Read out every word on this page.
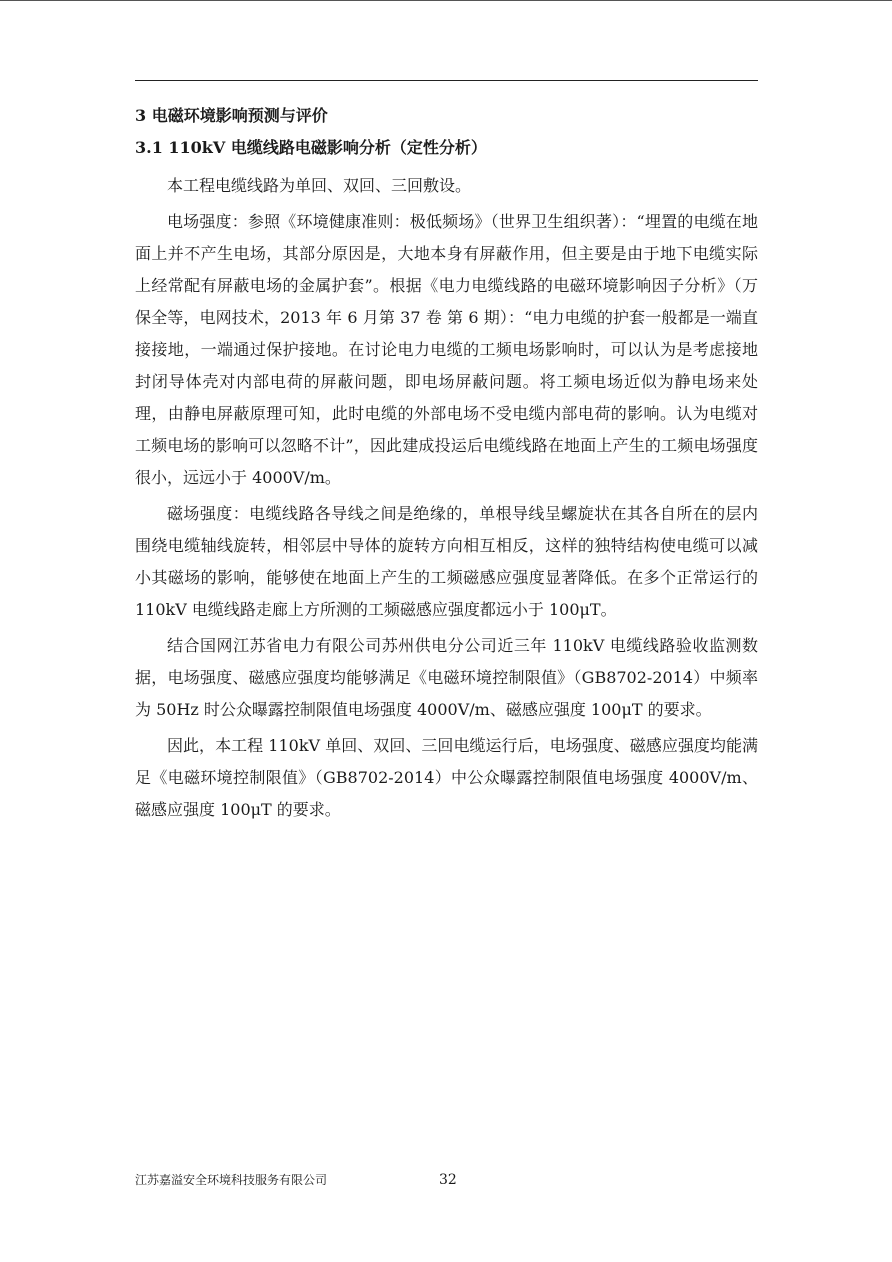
3 电磁环境影响预测与评价
3.1 110kV 电缆线路电磁影响分析（定性分析）

本工程电缆线路为单回、双回、三回敷设。

电场强度：参照《环境健康准则：极低频场》（世界卫生组织著）：“埋置的电缆在地面上并不产生电场，其部分原因是，大地本身有屏蔽作用，但主要是由于地下电缆实际上经常配有屏蔽电场的金属护套”。根据《电力电缆线路的电磁环境影响因子分析》（万保全等，电网技术，2013 年 6 月第 37 卷 第 6 期）：“电力电缆的护套一般都是一端直接接地，一端通过保护接地。在讨论电力电缆的工频电场影响时，可以认为是考虑接地封闭导体壳对内部电荷的屏蔽问题，即电场屏蔽问题。将工频电场近似为静电场来处理，由静电屏蔽原理可知，此时电缆的外部电场不受电缆内部电荷的影响。认为电缆对工频电场的影响可以忽略不计”，因此建成投运后电缆线路在地面上产生的工频电场强度很小，远远小于 4000V/m。

磁场强度：电缆线路各导线之间是绝缘的，单根导线呈螺旋状在其各自所在的层内围绕电缆轴线旋转，相邻层中导体的旋转方向相互相反，这样的独特结构使电缆可以减小其磁场的影响，能够使在地面上产生的工频磁感应强度显著降低。在多个正常运行的 110kV 电缆线路走廊上方所测的工频磁感应强度都远小于 100μT。

结合国网江苏省电力有限公司苏州供电分公司近三年 110kV 电缆线路验收监测数据，电场强度、磁感应强度均能够满足《电磁环境控制限值》（GB8702-2014）中频率为 50Hz 时公众曝露控制限值电场强度 4000V/m、磁感应强度 100μT 的要求。

因此，本工程 110kV 单回、双回、三回电缆运行后，电场强度、磁感应强度均能满足《电磁环境控制限值》（GB8702-2014）中公众曝露控制限值电场强度 4000V/m、磁感应强度 100μT 的要求。

江苏嘉溢安全环境科技服务有限公司	32
